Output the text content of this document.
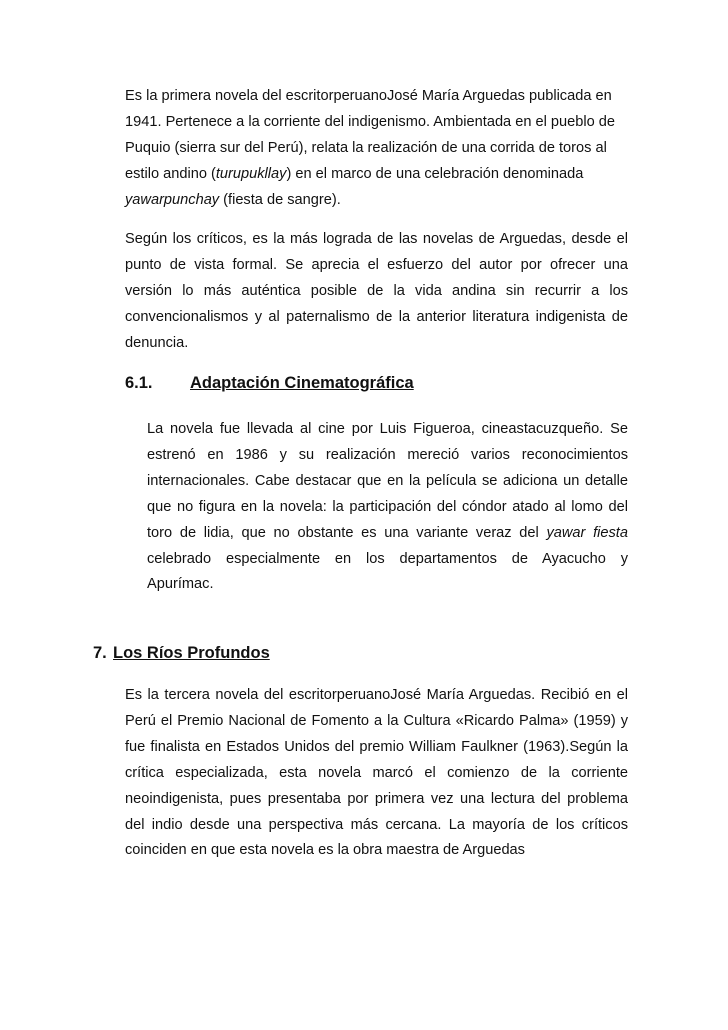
Es la primera novela del escritorperuanoJosé María Arguedas publicada en
1941. Pertenece a la corriente del indigenismo. Ambientada en el pueblo de
Puquio (sierra sur del Perú), relata la realización de una corrida de toros al
estilo andino (turupukllay) en el marco de una celebración denominada
yawarpunchay (fiesta de sangre).
Según los críticos, es la más lograda de las novelas de Arguedas, desde el
punto de vista formal. Se aprecia el esfuerzo del autor por ofrecer una
versión lo más auténtica posible de la vida andina sin recurrir a los
convencionalismos y al paternalismo de la anterior literatura indigenista de
denuncia.
6.1. Adaptación Cinematográfica
La novela fue llevada al cine por Luis Figueroa, cineastacuzqueño. Se
estrenó en 1986 y su realización mereció varios reconocimientos
internacionales. Cabe destacar que en la película se adiciona un detalle
que no figura en la novela: la participación del cóndor atado al lomo del
toro de lidia, que no obstante es una variante veraz del yawar fiesta
celebrado especialmente en los departamentos de Ayacucho y
Apurímac.
7. Los Ríos Profundos
Es la tercera novela del escritorperuanoJosé María Arguedas. Recibió en el
Perú el Premio Nacional de Fomento a la Cultura «Ricardo Palma» (1959) y
fue finalista en Estados Unidos del premio William Faulkner (1963).Según la
crítica especializada, esta novela marcó el comienzo de la corriente
neoindigenista, pues presentaba por primera vez una lectura del problema
del indio desde una perspectiva más cercana. La mayoría de los críticos
coinciden en que esta novela es la obra maestra de Arguedas
